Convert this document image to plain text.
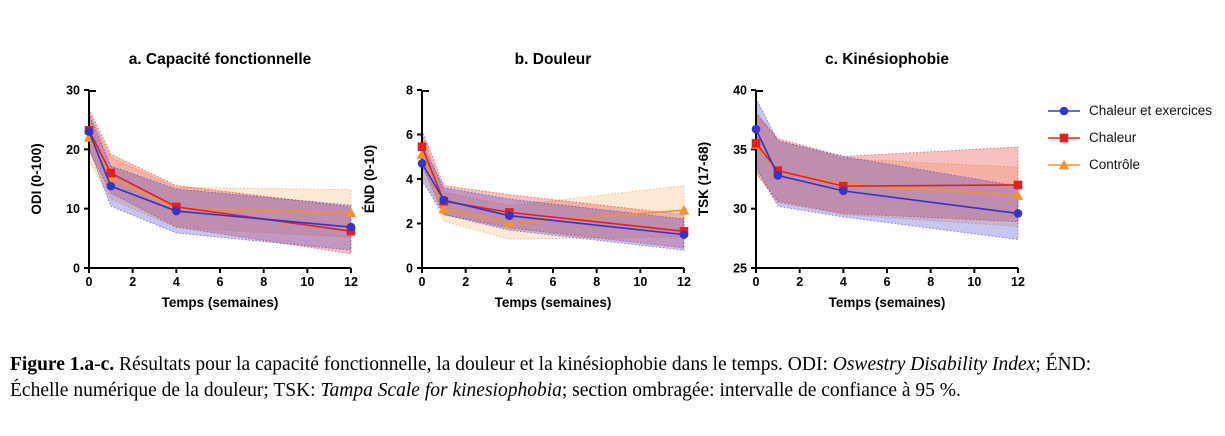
0
10
20
30
0	2	4	6	8	10 12
a. Capacité fonctionnelle
Temps (semaines)
ODI (0-100)
0
2
4
6
8
0	2	4	6	8	10 12
b. Douleur
Temps (semaines)
ÉND (0-10)
25
30
35
40
0	2	4	6	8	10 12
c. Kinésiophobie
Temps (semaines)
TSK (17-68)
Chaleur et exercices
Chaleur
Contrôle
Figure 1.a-c. Résultats pour la capacité fonctionnelle, la douleur et la kinésiophobie dans le temps. ODI: Oswestry Disability Index; ÉND: Échelle numérique de la douleur; TSK: Tampa Scale for kinesiophobia; section ombragée: intervalle de confiance à 95 %.
